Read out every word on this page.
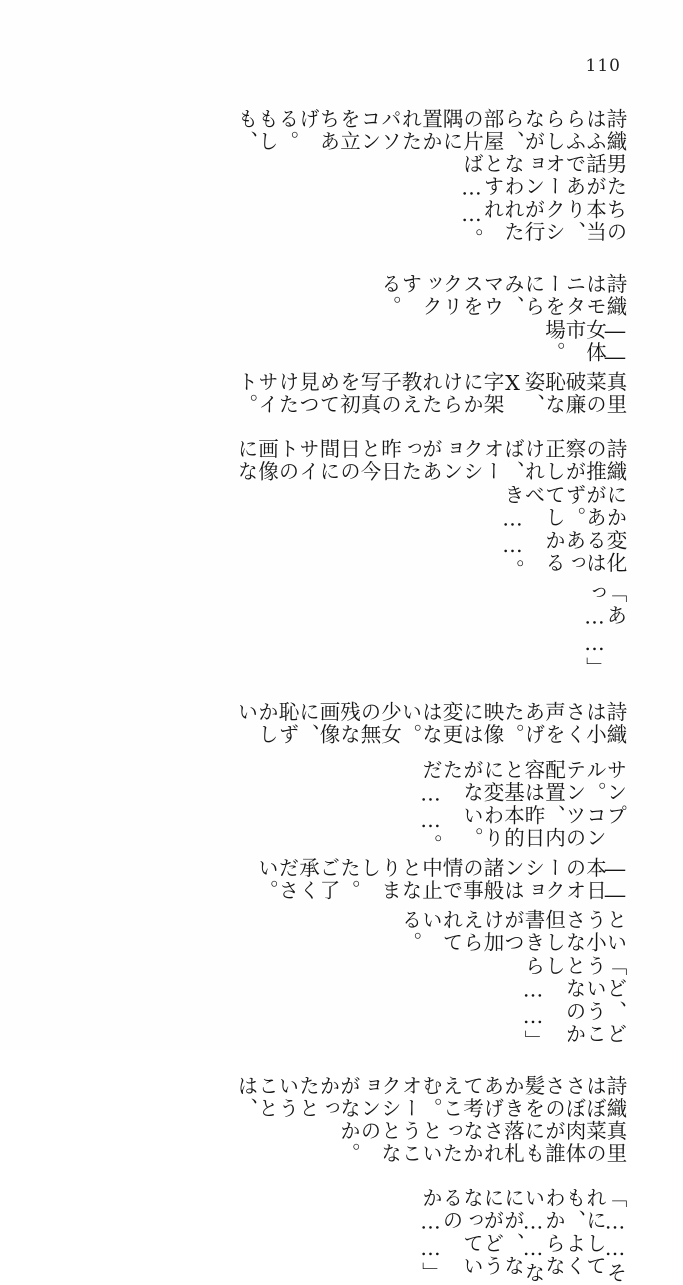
110
詩織はふらふらしながら、部屋の片隅に置かれたパソコンを立ちあげる。もしも、
男たちの話が本当であり、オークションが行なわれたとすれば……。
詩織はモニターをにらみ、マウスをクリックする。
――女体市場。
真里菜の破廉恥な姿、X字架にかけられた教え子の写真を初めて見つけたサイト。
詩織の推察が正しければ、オークションがあった昨日と今日の間にサイトの画像にな
にか変化があるはず。あってしかるべき……。
「あっ……」
詩織は小さく声をあげた。　映像には変更はない。少女の無残な画像に、恥ずかしい
サンプル。コンテンツの配置、内容は昨日と基本的に変わりがない。ただ……。
――本日のオークションは諸般の事情で中止となりました。ご了承ください。
という小さな但し書きがつけ加えられている。
「ど、どういうことなのかしら……」
詩織はぼさぼさの髪をかきあげて考えこむ。オークションがなかったということは、
真里菜の肉体が誰にも落札されなかったということなのか。
「……それにしても、よくわからない……なにが、なにがどうなっているのか……」
